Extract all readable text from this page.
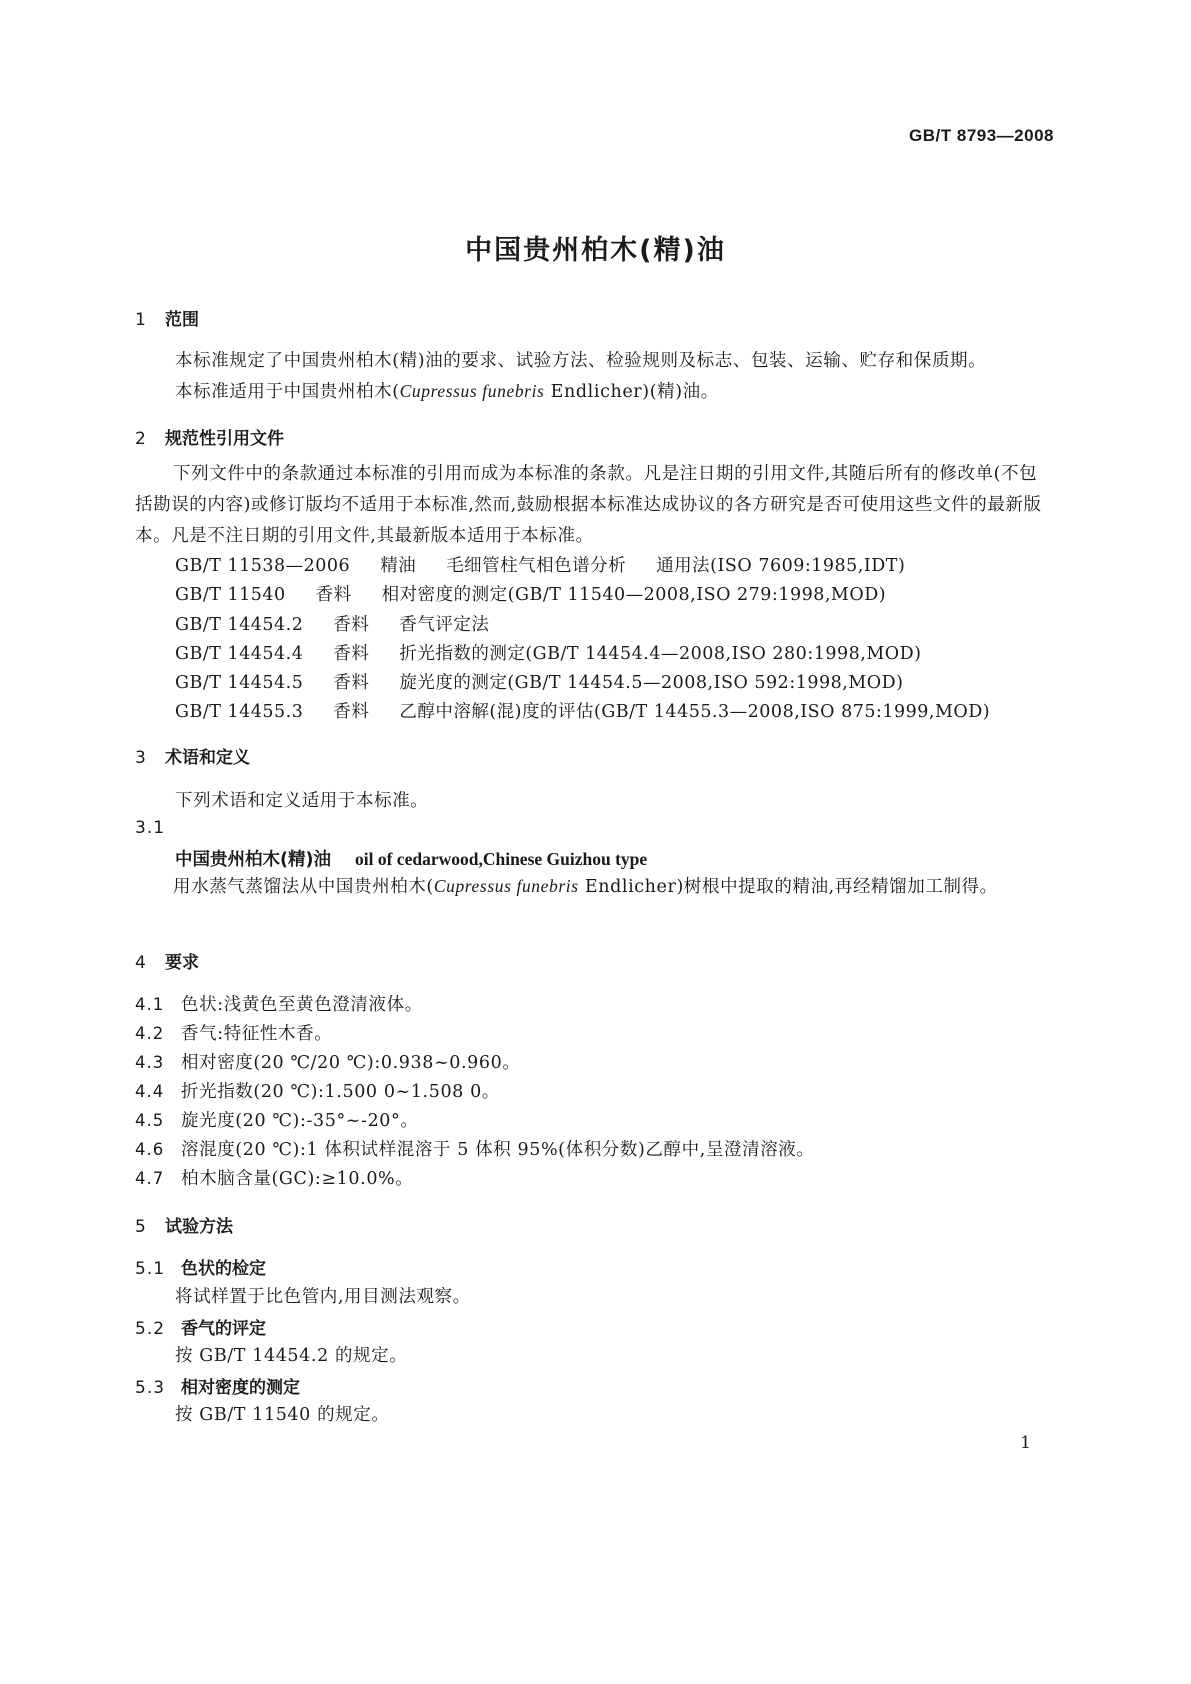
GB/T 8793—2008
中国贵州柏木(精)油
1 范围
本标准规定了中国贵州柏木(精)油的要求、试验方法、检验规则及标志、包装、运输、贮存和保质期。
本标准适用于中国贵州柏木(Cupressus funebris Endlicher)(精)油。
2 规范性引用文件
下列文件中的条款通过本标准的引用而成为本标准的条款。凡是注日期的引用文件,其随后所有的修改单(不包括勘误的内容)或修订版均不适用于本标准,然而,鼓励根据本标准达成协议的各方研究是否可使用这些文件的最新版本。凡是不注日期的引用文件,其最新版本适用于本标准。
GB/T 11538—2006 精油 毛细管柱气相色谱分析 通用法(ISO 7609:1985,IDT)
GB/T 11540 香料 相对密度的测定(GB/T 11540—2008,ISO 279:1998,MOD)
GB/T 14454.2 香料 香气评定法
GB/T 14454.4 香料 折光指数的测定(GB/T 14454.4—2008,ISO 280:1998,MOD)
GB/T 14454.5 香料 旋光度的测定(GB/T 14454.5—2008,ISO 592:1998,MOD)
GB/T 14455.3 香料 乙醇中溶解(混)度的评估(GB/T 14455.3—2008,ISO 875:1999,MOD)
3 术语和定义
下列术语和定义适用于本标准。
3.1
中国贵州柏木(精)油 oil of cedarwood,Chinese Guizhou type
用水蒸气蒸馏法从中国贵州柏木(Cupressus funebris Endlicher)树根中提取的精油,再经精馏加工制得。
4 要求
4.1 色状:浅黄色至黄色澄清液体。
4.2 香气:特征性木香。
4.3 相对密度(20 ℃/20 ℃):0.938~0.960。
4.4 折光指数(20 ℃):1.500 0~1.508 0。
4.5 旋光度(20 ℃):-35°~-20°。
4.6 溶混度(20 ℃):1 体积试样混溶于 5 体积 95%(体积分数)乙醇中,呈澄清溶液。
4.7 柏木脑含量(GC):≥10.0%。
5 试验方法
5.1 色状的检定
将试样置于比色管内,用目测法观察。
5.2 香气的评定
按 GB/T 14454.2 的规定。
5.3 相对密度的测定
按 GB/T 11540 的规定。
1
